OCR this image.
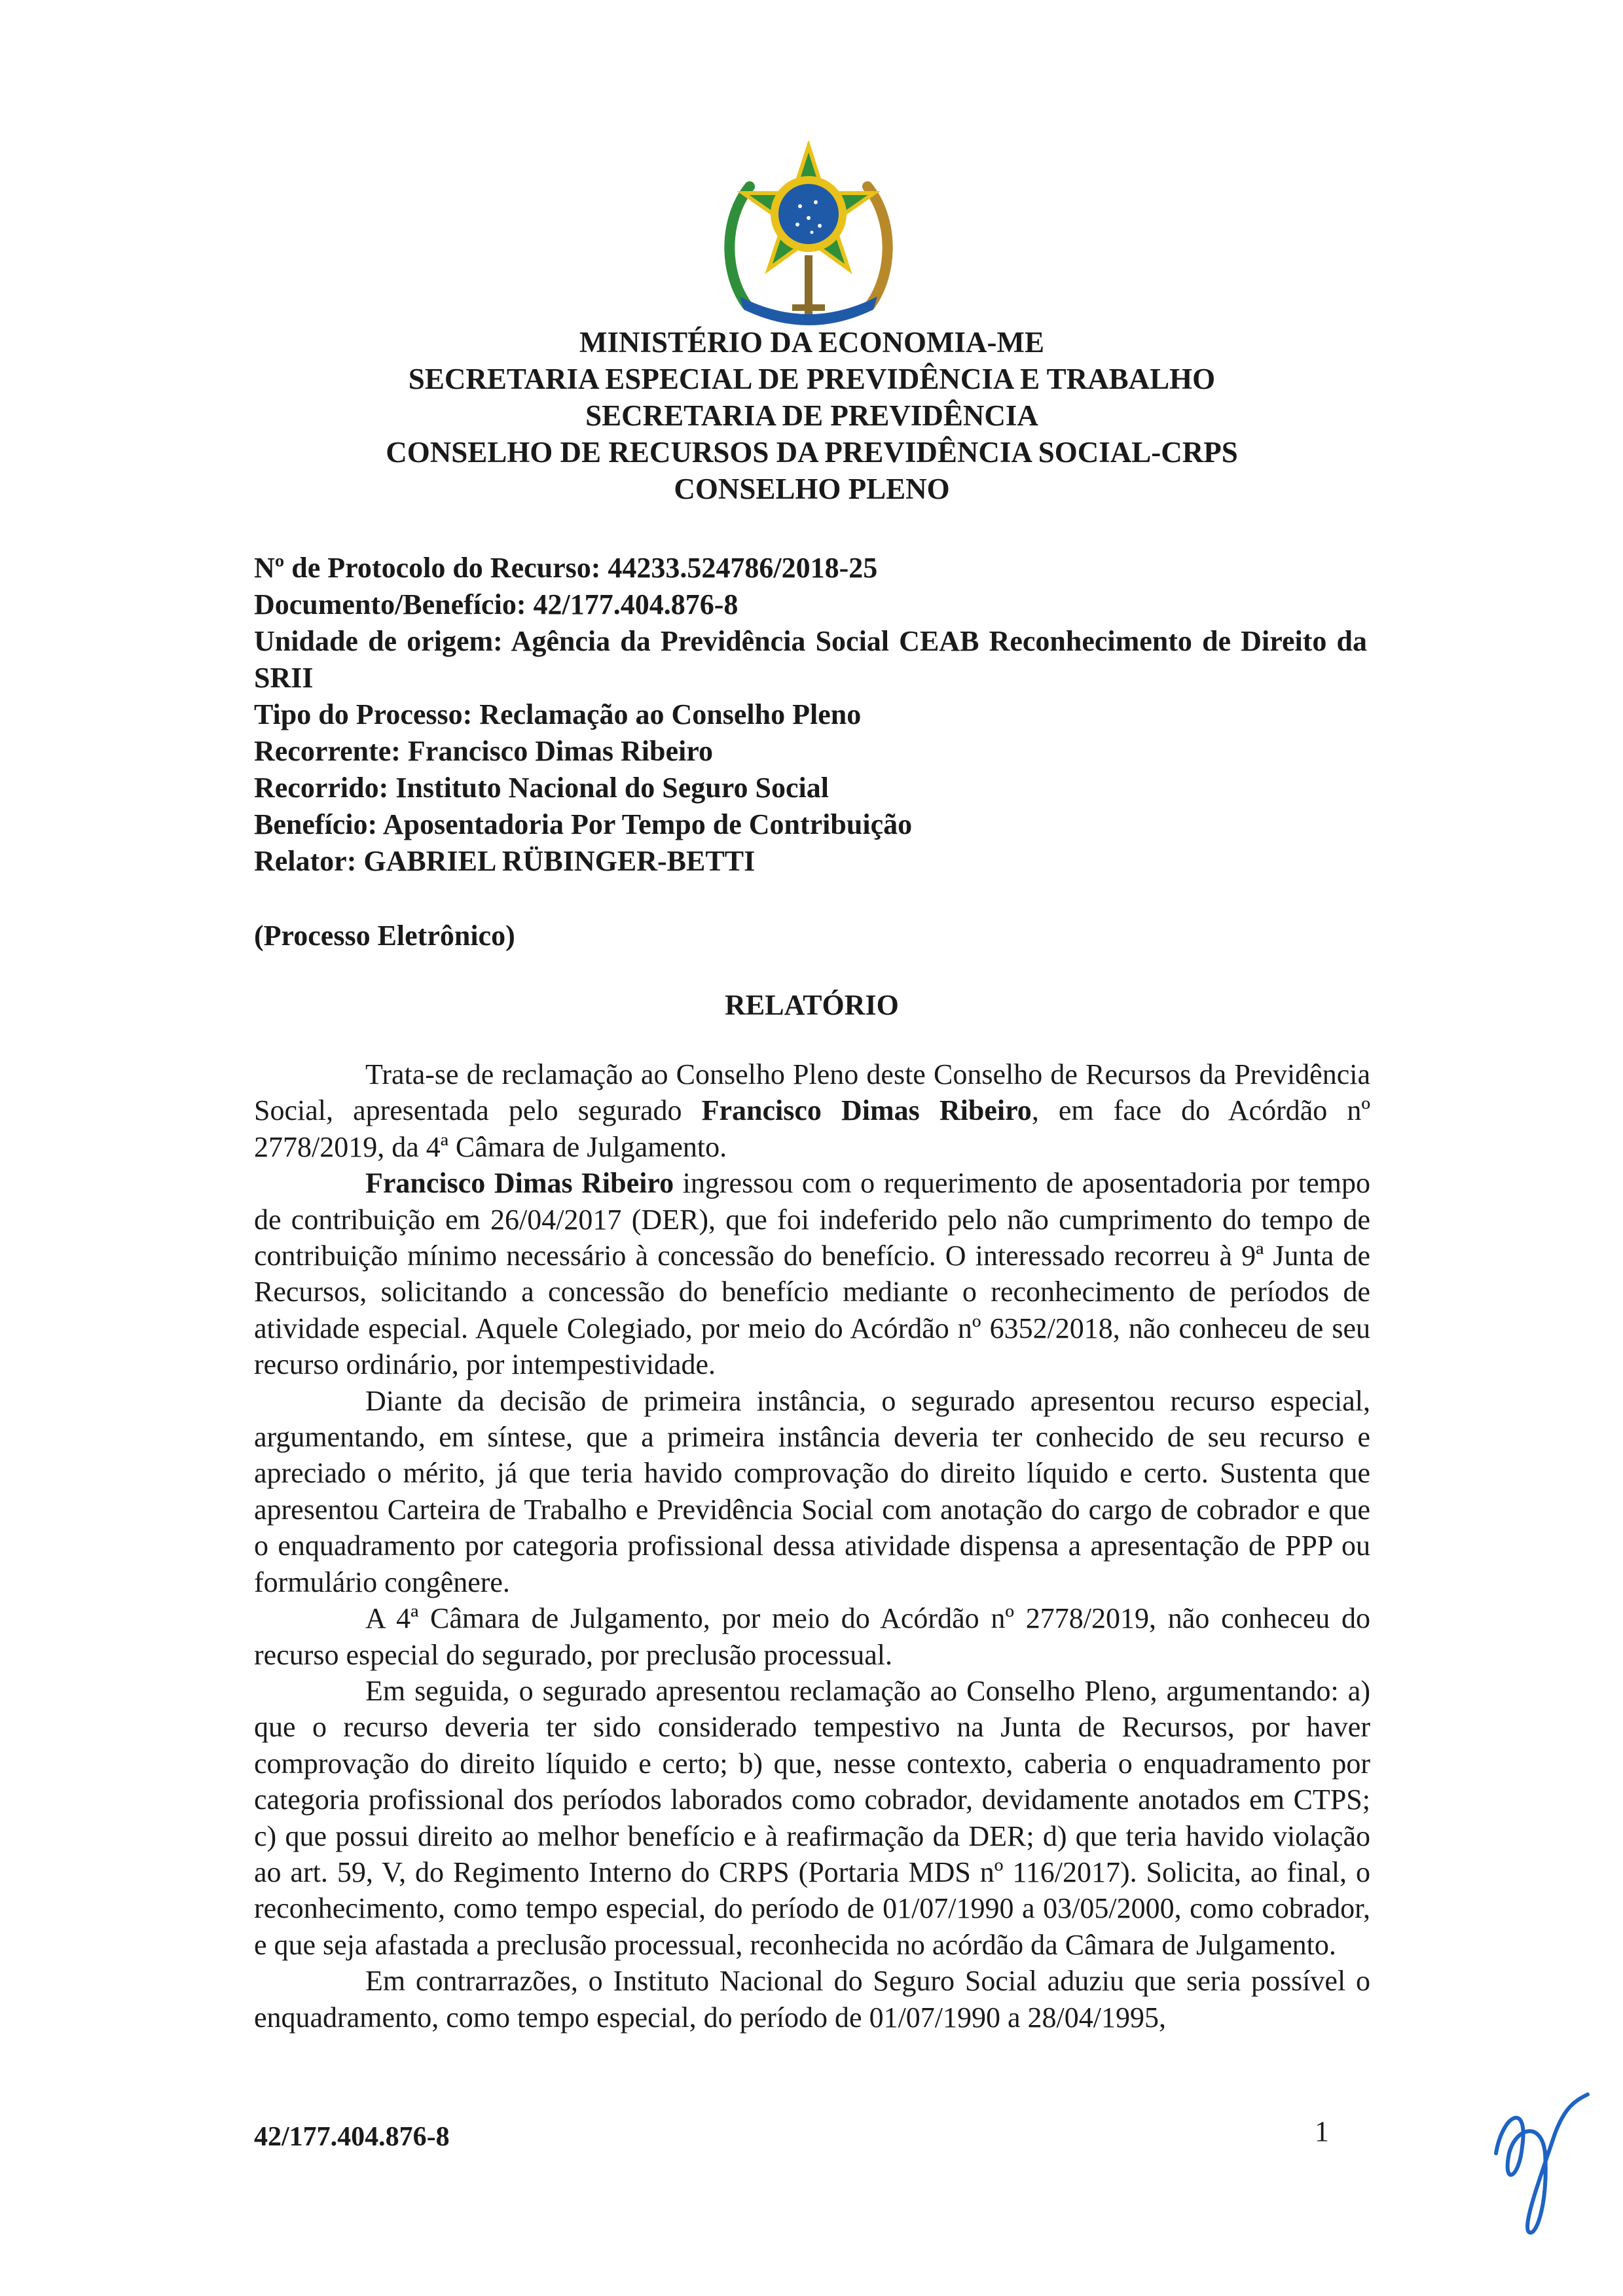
MINISTÉRIO DA ECONOMIA-ME
SECRETARIA ESPECIAL DE PREVIDÊNCIA E TRABALHO
SECRETARIA DE PREVIDÊNCIA
CONSELHO DE RECURSOS DA PREVIDÊNCIA SOCIAL-CRPS
CONSELHO PLENO
Nº de Protocolo do Recurso: 44233.524786/2018-25
Documento/Benefício: 42/177.404.876-8
Unidade de origem: Agência da Previdência Social CEAB Reconhecimento de Direito da SRII
Tipo do Processo: Reclamação ao Conselho Pleno
Recorrente: Francisco Dimas Ribeiro
Recorrido: Instituto Nacional do Seguro Social
Benefício: Aposentadoria Por Tempo de Contribuição
Relator: GABRIEL RÜBINGER-BETTI
(Processo Eletrônico)
RELATÓRIO

Trata-se de reclamação ao Conselho Pleno deste Conselho de Recursos da Previdência Social, apresentada pelo segurado Francisco Dimas Ribeiro, em face do Acórdão nº 2778/2019, da 4ª Câmara de Julgamento.

Francisco Dimas Ribeiro ingressou com o requerimento de aposentadoria por tempo de contribuição em 26/04/2017 (DER), que foi indeferido pelo não cumprimento do tempo de contribuição mínimo necessário à concessão do benefício. O interessado recorreu à 9ª Junta de Recursos, solicitando a concessão do benefício mediante o reconhecimento de períodos de atividade especial. Aquele Colegiado, por meio do Acórdão nº 6352/2018, não conheceu de seu recurso ordinário, por intempestividade.

Diante da decisão de primeira instância, o segurado apresentou recurso especial, argumentando, em síntese, que a primeira instância deveria ter conhecido de seu recurso e apreciado o mérito, já que teria havido comprovação do direito líquido e certo. Sustenta que apresentou Carteira de Trabalho e Previdência Social com anotação do cargo de cobrador e que o enquadramento por categoria profissional dessa atividade dispensa a apresentação de PPP ou formulário congênere.

A 4ª Câmara de Julgamento, por meio do Acórdão nº 2778/2019, não conheceu do recurso especial do segurado, por preclusão processual.

Em seguida, o segurado apresentou reclamação ao Conselho Pleno, argumentando: a) que o recurso deveria ter sido considerado tempestivo na Junta de Recursos, por haver comprovação do direito líquido e certo; b) que, nesse contexto, caberia o enquadramento por categoria profissional dos períodos laborados como cobrador, devidamente anotados em CTPS; c) que possui direito ao melhor benefício e à reafirmação da DER; d) que teria havido violação ao art. 59, V, do Regimento Interno do CRPS (Portaria MDS nº 116/2017). Solicita, ao final, o reconhecimento, como tempo especial, do período de 01/07/1990 a 03/05/2000, como cobrador, e que seja afastada a preclusão processual, reconhecida no acórdão da Câmara de Julgamento.

Em contrarrazões, o Instituto Nacional do Seguro Social aduziu que seria possível o enquadramento, como tempo especial, do período de 01/07/1990 a 28/04/1995,

42/177.404.876-8	1
